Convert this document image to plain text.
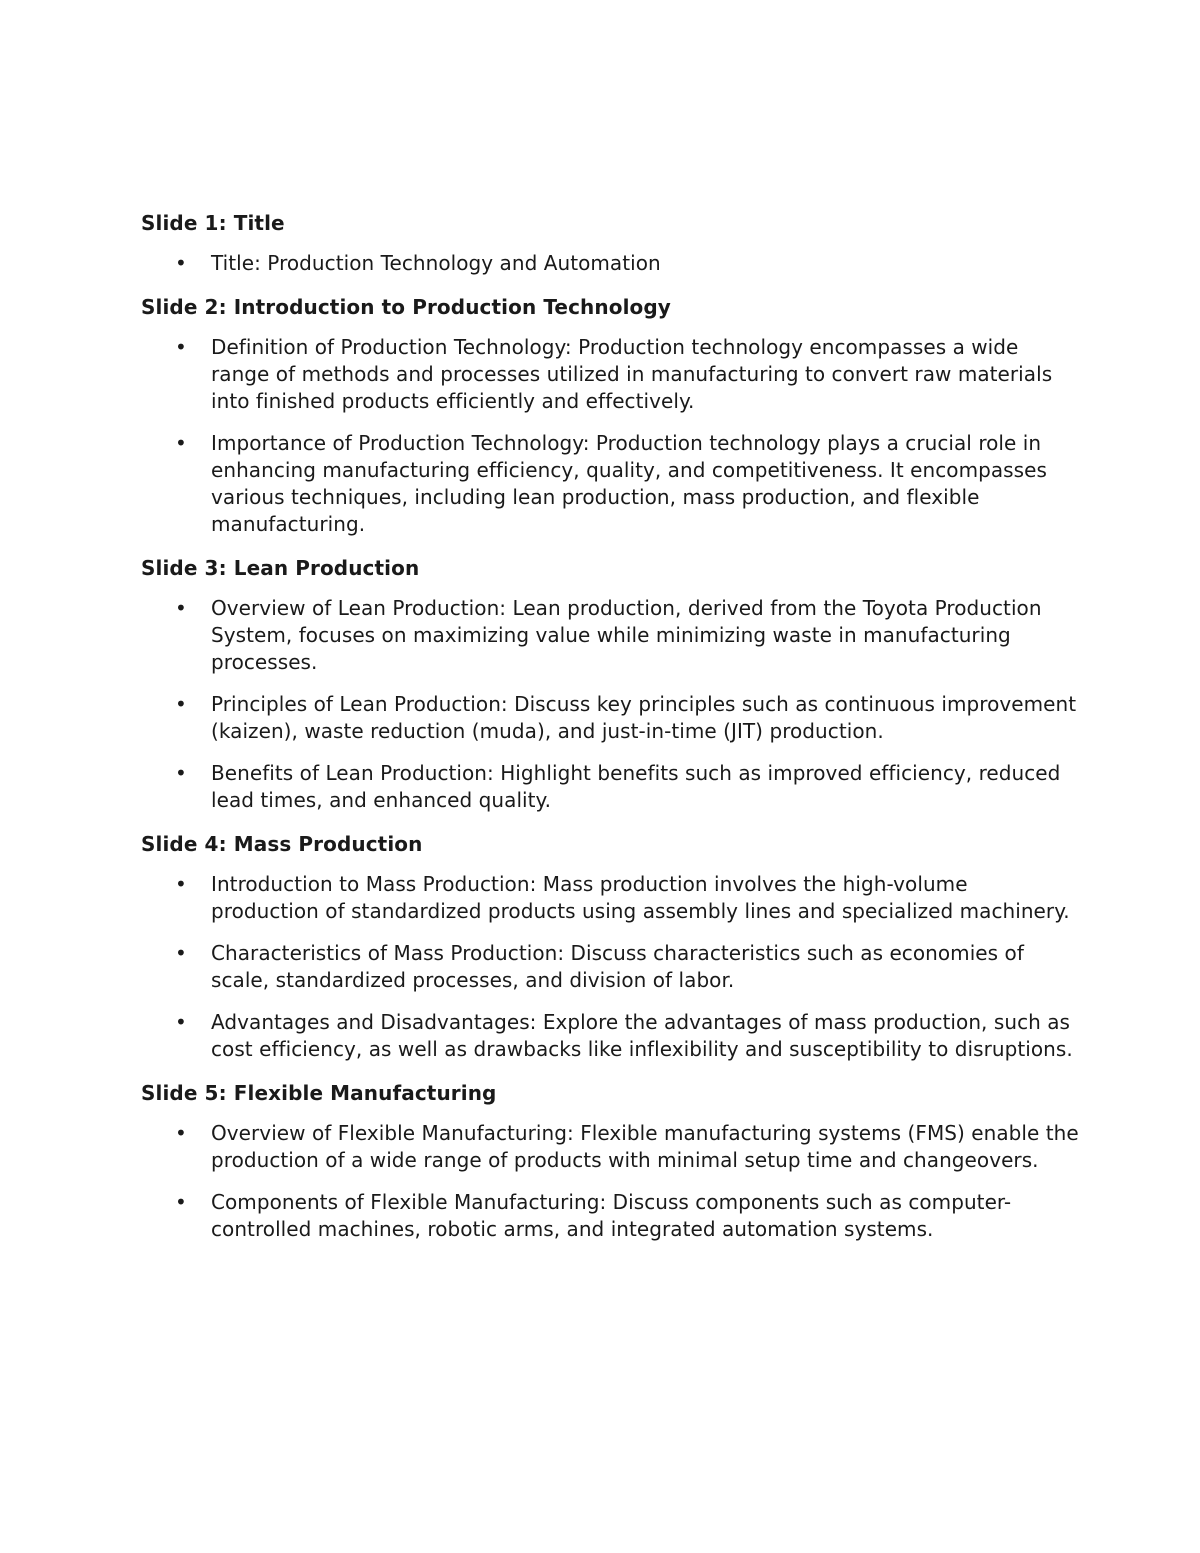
Slide 1: Title
• Title: Production Technology and Automation
Slide 2: Introduction to Production Technology
• Definition of Production Technology: Production technology encompasses a wide range of methods and processes utilized in manufacturing to convert raw materials into finished products efficiently and effectively.
• Importance of Production Technology: Production technology plays a crucial role in enhancing manufacturing efficiency, quality, and competitiveness. It encompasses various techniques, including lean production, mass production, and flexible manufacturing.
Slide 3: Lean Production
• Overview of Lean Production: Lean production, derived from the Toyota Production System, focuses on maximizing value while minimizing waste in manufacturing processes.
• Principles of Lean Production: Discuss key principles such as continuous improvement (kaizen), waste reduction (muda), and just-in-time (JIT) production.
• Benefits of Lean Production: Highlight benefits such as improved efficiency, reduced lead times, and enhanced quality.
Slide 4: Mass Production
• Introduction to Mass Production: Mass production involves the high-volume production of standardized products using assembly lines and specialized machinery.
• Characteristics of Mass Production: Discuss characteristics such as economies of scale, standardized processes, and division of labor.
• Advantages and Disadvantages: Explore the advantages of mass production, such as cost efficiency, as well as drawbacks like inflexibility and susceptibility to disruptions.
Slide 5: Flexible Manufacturing
• Overview of Flexible Manufacturing: Flexible manufacturing systems (FMS) enable the production of a wide range of products with minimal setup time and changeovers.
• Components of Flexible Manufacturing: Discuss components such as computer-controlled machines, robotic arms, and integrated automation systems.
